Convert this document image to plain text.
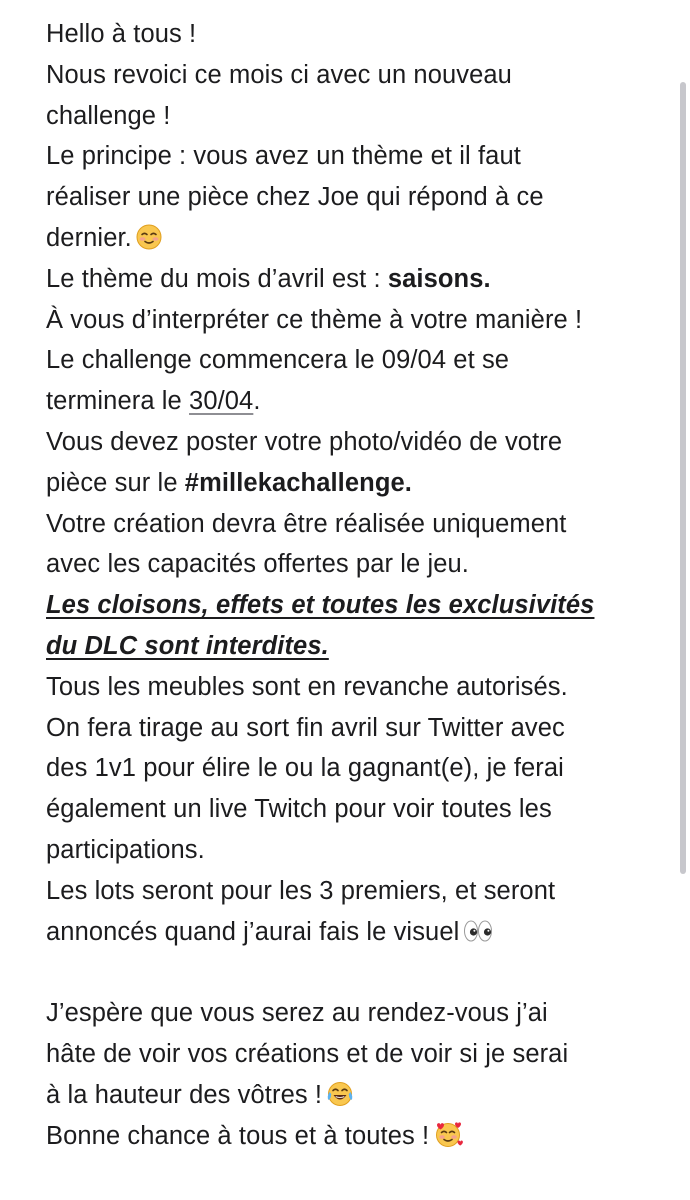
Hello à tous !
Nous revoici ce mois ci avec un nouveau
challenge !
Le principe : vous avez un thème et il faut
réaliser une pièce chez Joe qui répond à ce
dernier.
Le thème du mois d’avril est : saisons.
À vous d’interpréter ce thème à votre manière !
Le challenge commencera le 09/04 et se
terminera le 30/04.
Vous devez poster votre photo/vidéo de votre
pièce sur le #millekachallenge.
Votre création devra être réalisée uniquement
avec les capacités offertes par le jeu.
Les cloisons, effets et toutes les exclusivités
du DLC sont interdites.
Tous les meubles sont en revanche autorisés.
On fera tirage au sort fin avril sur Twitter avec
des 1v1 pour élire le ou la gagnant(e), je ferai
également un live Twitch pour voir toutes les
participations.
Les lots seront pour les 3 premiers, et seront
annoncés quand j’aurai fais le visuel
J’espère que vous serez au rendez-vous j’ai
hâte de voir vos créations et de voir si je serai
à la hauteur des vôtres !
Bonne chance à tous et à toutes !
